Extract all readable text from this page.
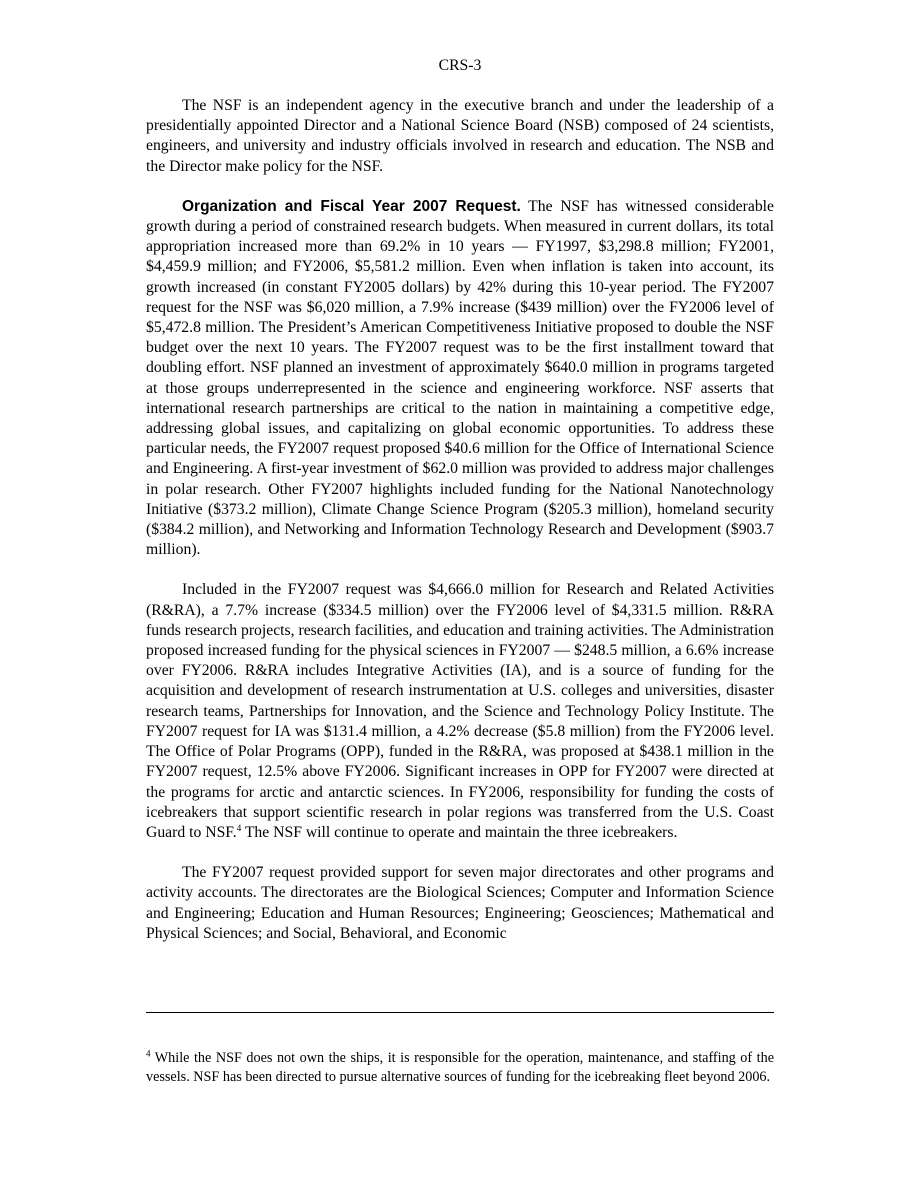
CRS-3

The NSF is an independent agency in the executive branch and under the leadership of a presidentially appointed Director and a National Science Board (NSB) composed of 24 scientists, engineers, and university and industry officials involved in research and education. The NSB and the Director make policy for the NSF.

Organization and Fiscal Year 2007 Request. The NSF has witnessed considerable growth during a period of constrained research budgets. When measured in current dollars, its total appropriation increased more than 69.2% in 10 years — FY1997, $3,298.8 million; FY2001, $4,459.9 million; and FY2006, $5,581.2 million. Even when inflation is taken into account, its growth increased (in constant FY2005 dollars) by 42% during this 10-year period. The FY2007 request for the NSF was $6,020 million, a 7.9% increase ($439 million) over the FY2006 level of $5,472.8 million. The President’s American Competitiveness Initiative proposed to double the NSF budget over the next 10 years. The FY2007 request was to be the first installment toward that doubling effort. NSF planned an investment of approximately $640.0 million in programs targeted at those groups underrepresented in the science and engineering workforce. NSF asserts that international research partnerships are critical to the nation in maintaining a competitive edge, addressing global issues, and capitalizing on global economic opportunities. To address these particular needs, the FY2007 request proposed $40.6 million for the Office of International Science and Engineering. A first-year investment of $62.0 million was provided to address major challenges in polar research. Other FY2007 highlights included funding for the National Nanotechnology Initiative ($373.2 million), Climate Change Science Program ($205.3 million), homeland security ($384.2 million), and Networking and Information Technology Research and Development ($903.7 million).

Included in the FY2007 request was $4,666.0 million for Research and Related Activities (R&RA), a 7.7% increase ($334.5 million) over the FY2006 level of $4,331.5 million. R&RA funds research projects, research facilities, and education and training activities. The Administration proposed increased funding for the physical sciences in FY2007 — $248.5 million, a 6.6% increase over FY2006. R&RA includes Integrative Activities (IA), and is a source of funding for the acquisition and development of research instrumentation at U.S. colleges and universities, disaster research teams, Partnerships for Innovation, and the Science and Technology Policy Institute. The FY2007 request for IA was $131.4 million, a 4.2% decrease ($5.8 million) from the FY2006 level. The Office of Polar Programs (OPP), funded in the R&RA, was proposed at $438.1 million in the FY2007 request, 12.5% above FY2006. Significant increases in OPP for FY2007 were directed at the programs for arctic and antarctic sciences. In FY2006, responsibility for funding the costs of icebreakers that support scientific research in polar regions was transferred from the U.S. Coast Guard to NSF.$^4$ The NSF will continue to operate and maintain the three icebreakers.

The FY2007 request provided support for seven major directorates and other programs and activity accounts. The directorates are the Biological Sciences; Computer and Information Science and Engineering; Education and Human Resources; Engineering; Geosciences; Mathematical and Physical Sciences; and Social, Behavioral, and Economic

$^4$ While the NSF does not own the ships, it is responsible for the operation, maintenance, and staffing of the vessels. NSF has been directed to pursue alternative sources of funding for the icebreaking fleet beyond 2006.
